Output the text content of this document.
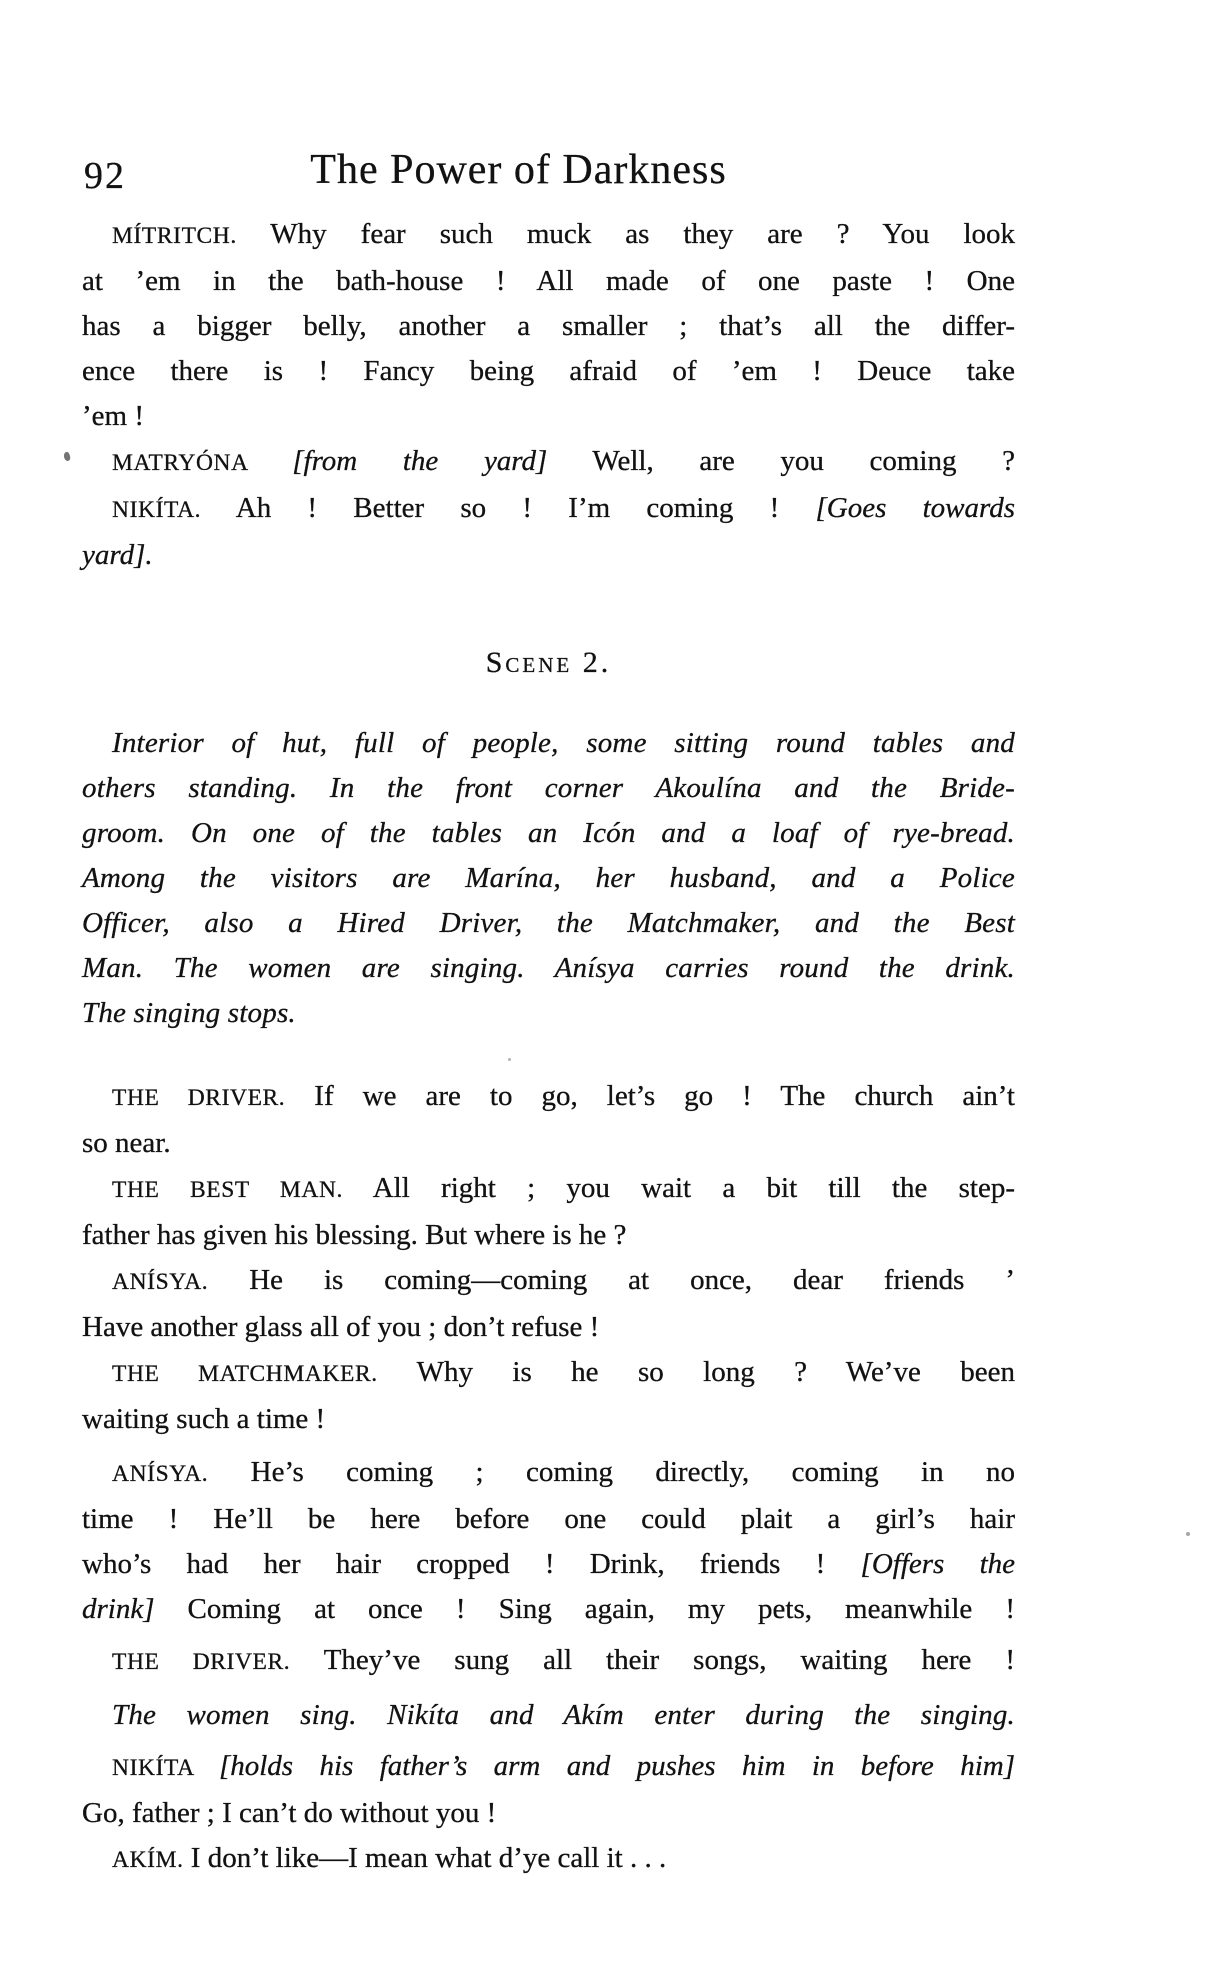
92	The Power of Darkness
MÍTRITCH. Why fear such muck as they are ? You look
at ’em in the bath-house ! All made of one paste ! One
has a bigger belly, another a smaller ; that’s all the differ-
ence there is ! Fancy being afraid of ’em ! Deuce take
’em !
MATRYÓNA [from the yard] Well, are you coming ?
NIKÍTA. Ah ! Better so ! I’m coming ! [Goes towards
yard].
Scene 2.
Interior of hut, full of people, some sitting round tables and
others standing. In the front corner Akoulína and the Bride-
groom. On one of the tables an Icón and a loaf of rye-bread.
Among the visitors are Marína, her husband, and a Police
Officer, also a Hired Driver, the Matchmaker, and the Best
Man. The women are singing. Anísya carries round the drink.
The singing stops.
THE DRIVER. If we are to go, let’s go ! The church ain’t
so near.
THE BEST MAN. All right ; you wait a bit till the step-
father has given his blessing. But where is he ?
ANÍSYA. He is coming—coming at once, dear friends ’
Have another glass all of you ; don’t refuse !
THE MATCHMAKER. Why is he so long ? We’ve been
waiting such a time !
ANÍSYA. He’s coming ; coming directly, coming in no
time ! He’ll be here before one could plait a girl’s hair
who’s had her hair cropped ! Drink, friends ! [Offers the
drink] Coming at once ! Sing again, my pets, meanwhile !
THE DRIVER. They’ve sung all their songs, waiting here !
The women sing. Nikíta and Akím enter during the singing.
NIKÍTA [holds his father’s arm and pushes him in before him]
Go, father ; I can’t do without you !
AKÍM. I don’t like—I mean what d’ye call it . . .
